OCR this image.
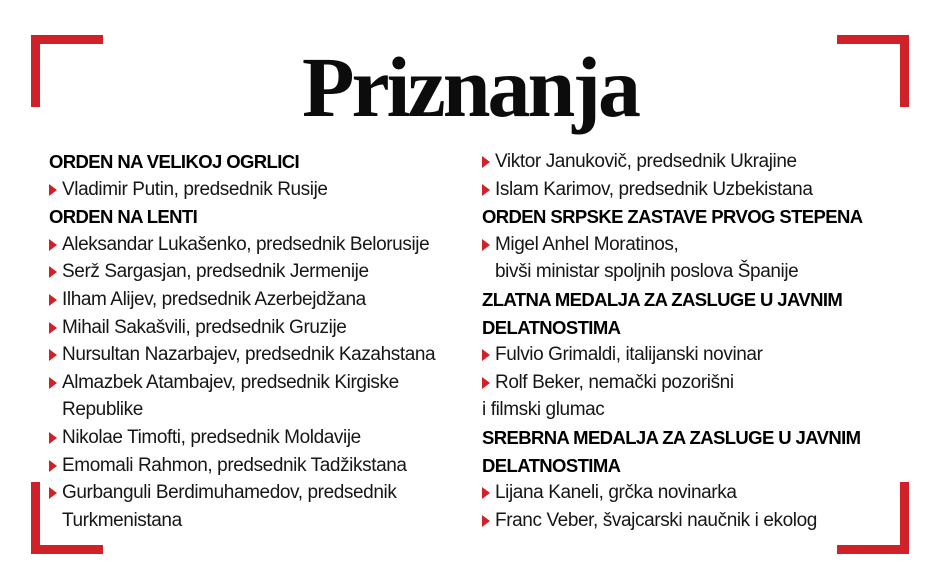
Priznanja
ORDEN NA VELIKOJ OGRLICI
Vladimir Putin, predsednik Rusije
ORDEN NA LENTI
Aleksandar Lukašenko, predsednik Belorusije
Serž Sargasjan, predsednik Jermenije
Ilham Alijev, predsednik Azerbejdžana
Mihail Sakašvili, predsednik Gruzije
Nursultan Nazarbajev, predsednik Kazahstana
Almazbek Atambajev, predsednik Kirgiske
Republike
Nikolae Timofti, predsednik Moldavije
Emomali Rahmon, predsednik Tadžikstana
Gurbanguli Berdimuhamedov, predsednik
Turkmenistana
Viktor Janukovič, predsednik Ukrajine
Islam Karimov, predsednik Uzbekistana
ORDEN SRPSKE ZASTAVE PRVOG STEPENA
Migel Anhel Moratinos,
bivši ministar spoljnih poslova Španije
ZLATNA MEDALJA ZA ZASLUGE U JAVNIM
DELATNOSTIMA
Fulvio Grimaldi, italijanski novinar
Rolf Beker, nemački pozorišni
i filmski glumac
SREBRNA MEDALJA ZA ZASLUGE U JAVNIM
DELATNOSTIMA
Lijana Kaneli, grčka novinarka
Franc Veber, švajcarski naučnik i ekolog
